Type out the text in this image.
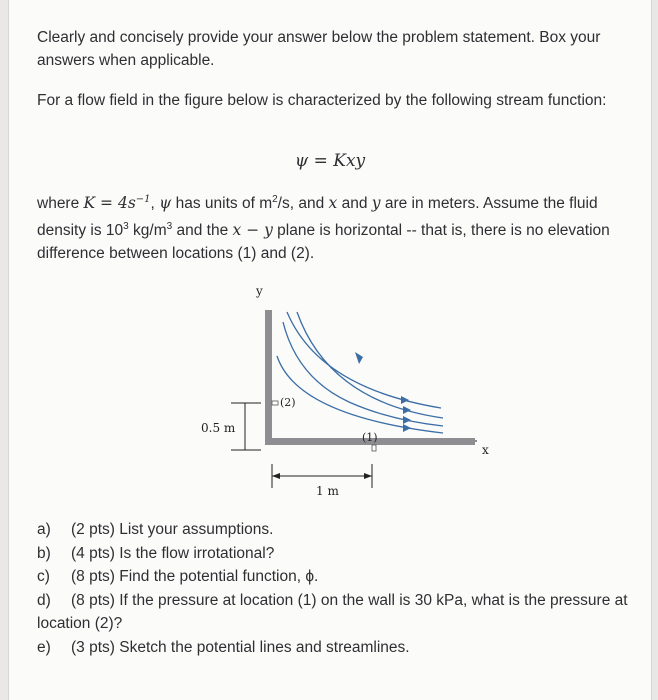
Clearly and concisely provide your answer below the problem statement. Box your answers when applicable.

For a flow field in the figure below is characterized by the following stream function:

ψ = Kxy

where $K = 4s^{-1}$, ψ has units of $m^2/s$, and x and y are in meters. Assume the fluid density is $10^3$ $kg/m^3$ and the x − y plane is horizontal -- that is, there is no elevation difference between locations (1) and (2).

y
x
(2)
(1)
0.5 m
1 m
a)	(2 pts) List your assumptions.
b)	(4 pts) Is the flow irrotational?
c)	(8 pts) Find the potential function, ϕ.
d) (8 pts) If the pressure at location (1) on the wall is 30 kPa, what is the pressure at location (2)?
e)	(3 pts) Sketch the potential lines and streamlines.
